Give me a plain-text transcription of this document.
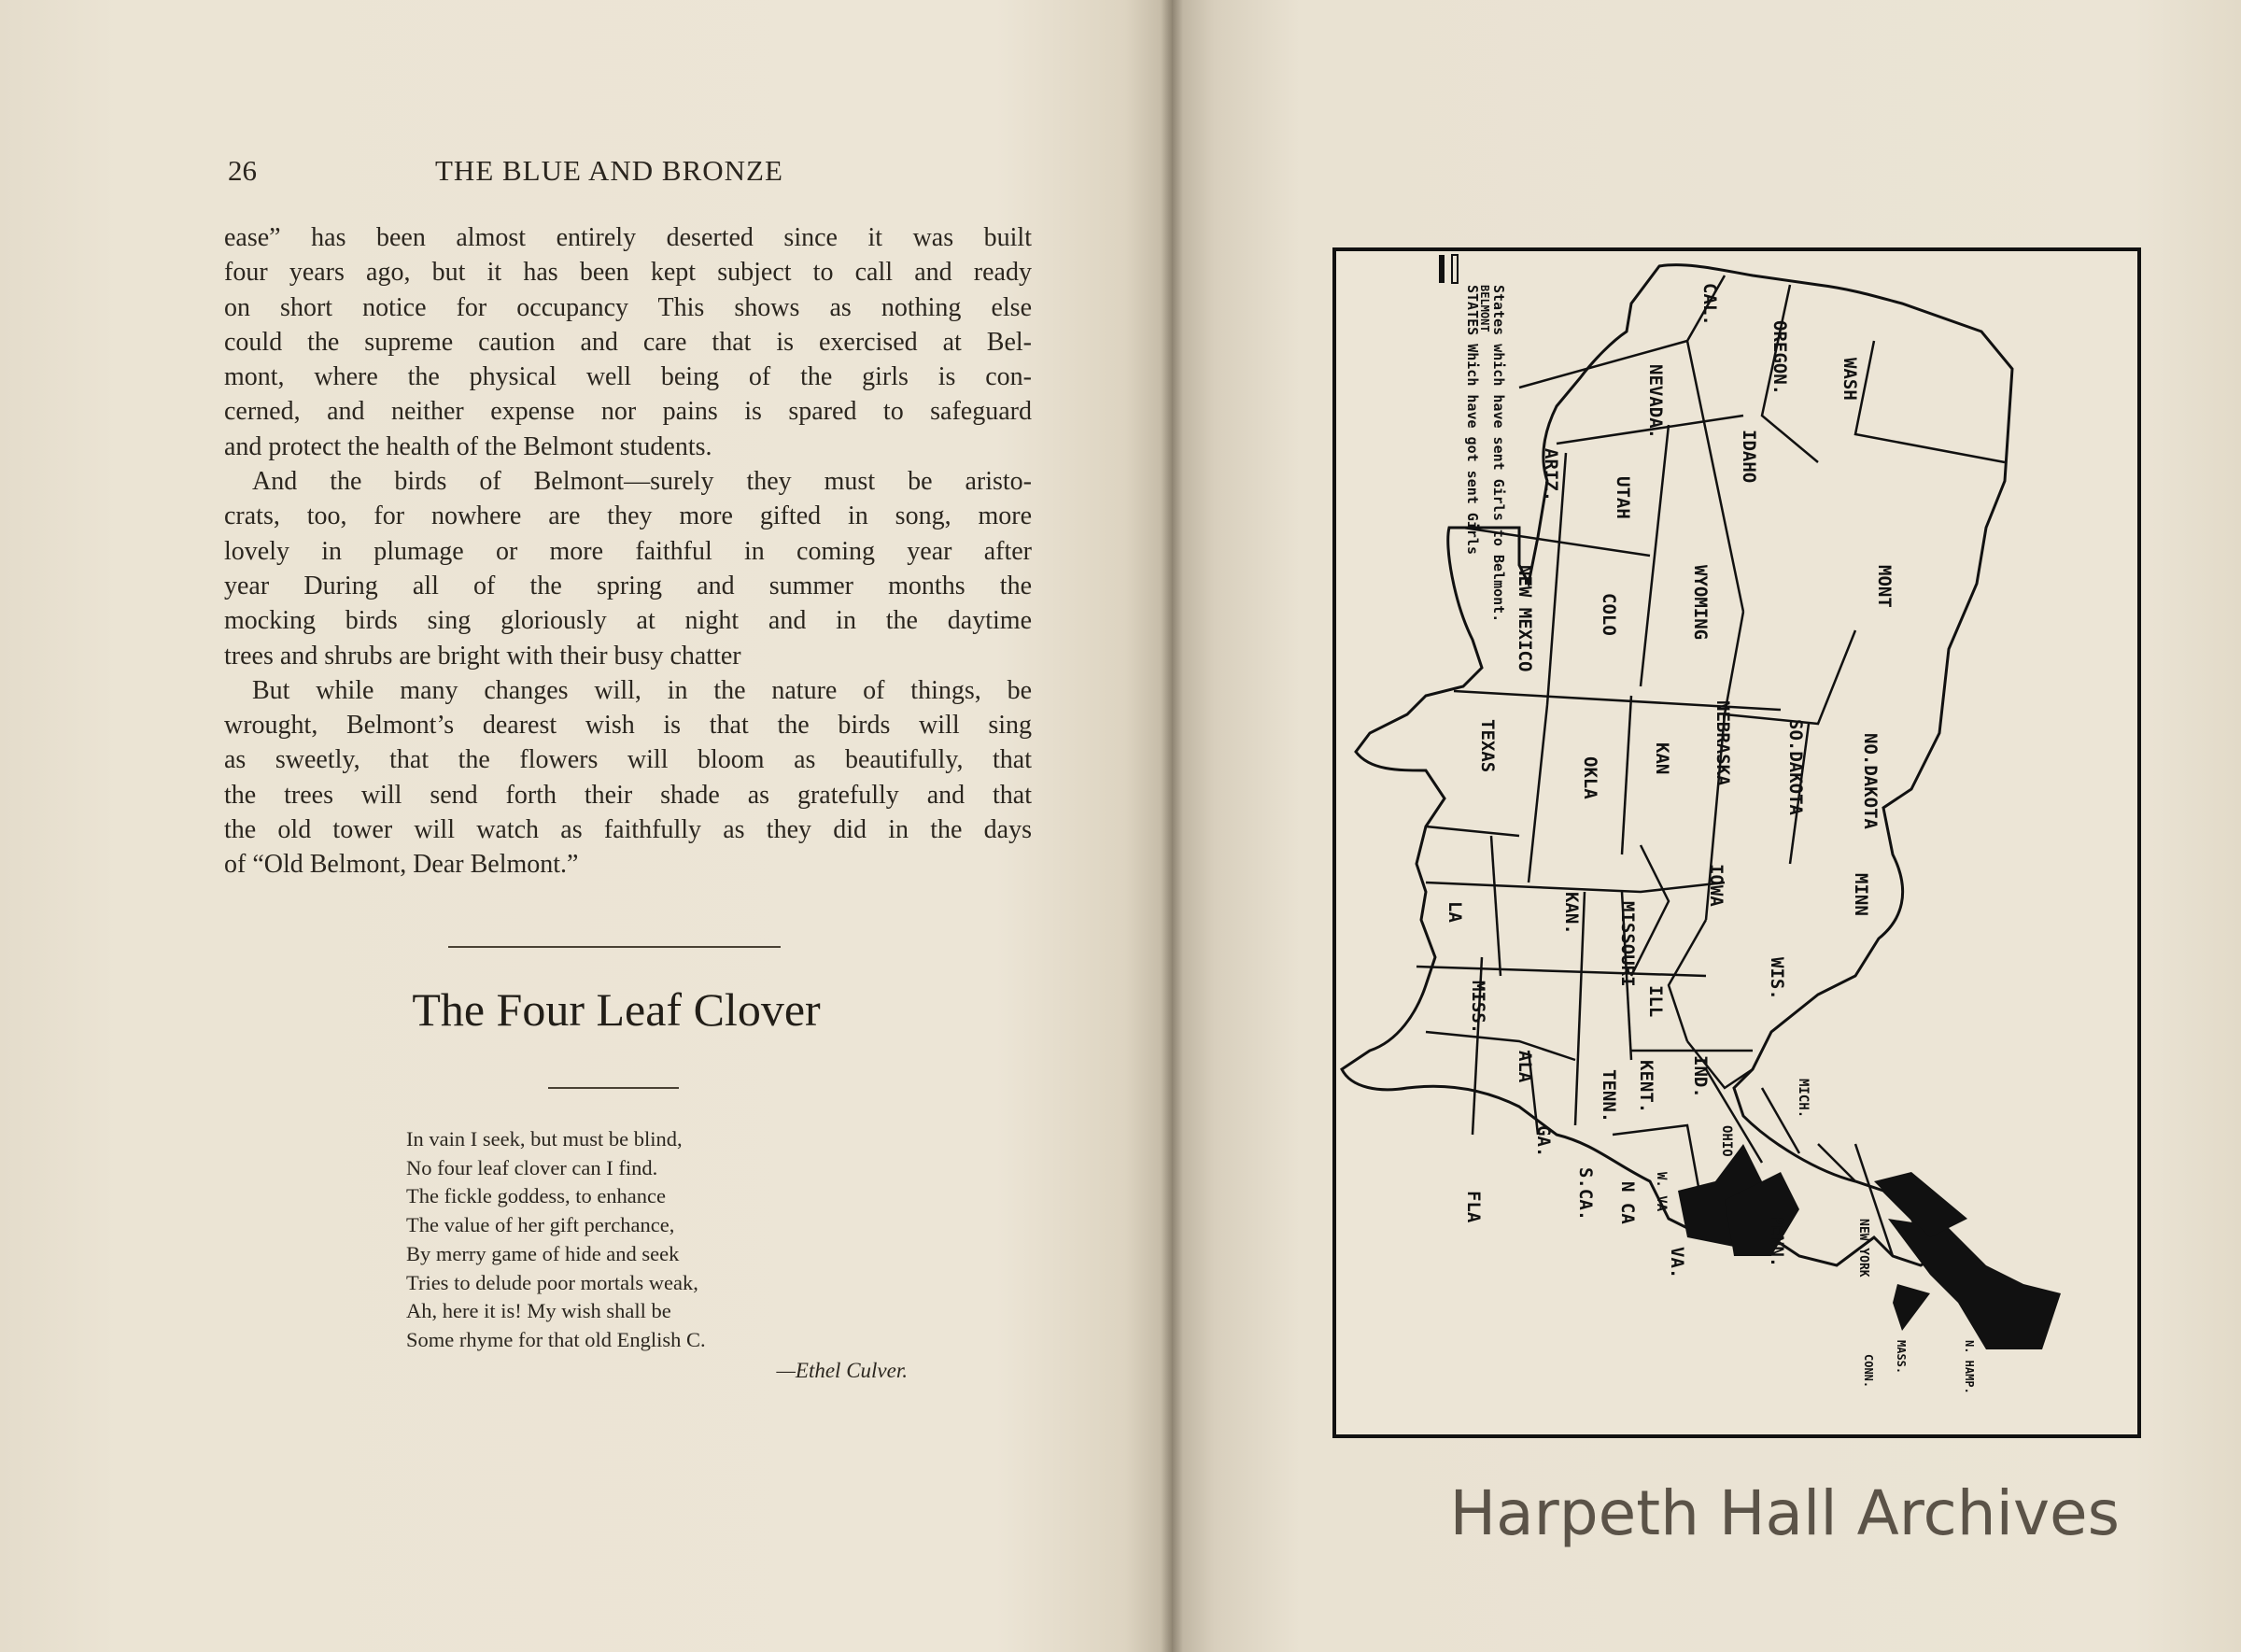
26	THE BLUE AND BRONZE

ease” has been almost entirely deserted since it was built

four years ago, but it has been kept subject to call and ready

on short notice for occupancy This shows as nothing else

could the supreme caution and care that is exercised at Bel-

mont, where the physical well being of the girls is con-

cerned, and neither expense nor pains is spared to safeguard

and protect the health of the Belmont students.

And the birds of Belmont—surely they must be aristo-

crats, too, for nowhere are they more gifted in song, more

lovely in plumage or more faithful in coming year after

year During all of the spring and summer months the

mocking birds sing gloriously at night and in the daytime

trees and shrubs are bright with their busy chatter

But while many changes will, in the nature of things, be

wrought, Belmont’s dearest wish is that the birds will sing

as sweetly, that the flowers will bloom as beautifully, that

the trees will send forth their shade as gratefully and that

the old tower will watch as faithfully as they did in the days

of “Old Belmont, Dear Belmont.”

The Four Leaf Clover
In vain I seek, but must be blind,
No four leaf clover can I find.
The fickle goddess, to enhance
The value of her gift perchance,
By merry game of hide and seek
Tries to delude poor mortals weak,
Ah, here it is! My wish shall be
Some rhyme for that old English C.
—Ethel Culver.
STATES Which have got sent Girls
BELMONT States which have sent Girls to Belmont.	CAL.
OREGON.	WASH
NEVADA.
IDAHO
ARIZ.	UTAH
MONT
NEW MEXICO	COLO	WYOMING
TEXAS
OKLA	KAN NEBRASKA	SO.DAKOTA	NO.DAKOTA
MINN
IOWA
LA	KAN. MISSOURI	WIS.
MISS.	ILL
ALA
TENN. KENT. IND.
MICH.
GA.
S.CA. N CA W. VA
OHIO
VA.	PENN.	NEW YORK
FLA
CONN. MASS.	N. HAMP.
Harpeth Hall Archives
